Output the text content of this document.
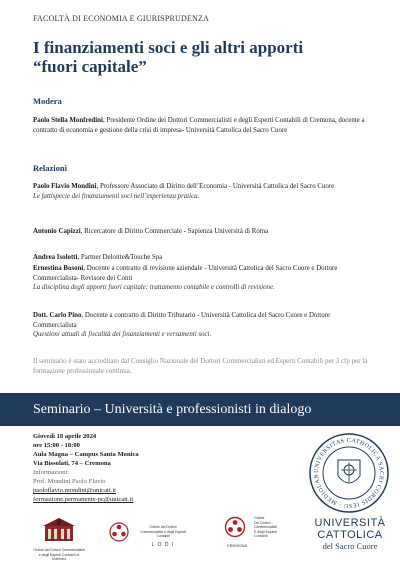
FACOLTÀ DI ECONOMIA E GIURISPRUDENZA
I finanziamenti soci e gli altri apporti
“fuori capitale”
Modera
Paolo Stella Monfredini, Presidente Ordine dei Dottori Commercialisti e degli Esperti Contabili di Cremona, docente a contratto di economia e gestione della crisi di impresa- Università Cattolica del Sacro Cuore
Relazioni
Paolo Flavio Mondini, Professore Associato di Diritto dell’Economia - Università Cattolica del Sacro Cuore
Le fattispecie dei finanziamenti soci nell’esperienza pratica.
Antonio Capizzi, Ricercatore di Diritto Commerciale - Sapienza Università di Roma
Andrea Isolotti, Partner Deloitte&Touche Spa
Ernestina Bosoni, Docente a contratto di revisione aziendale - Università Cattolica del Sacro Cuore e Dottore Commercialista- Revisore dei Conti
La disciplina degli apporti fuori capitale: trattamento contabile e controlli di revisione.
Dott. Carlo Pino, Docente a contratto di Diritto Tributario - Università Cattolica del Sacro Cuore e Dottore Commercialista
Questioni attuali di fiscalità dei finanziamenti e versamenti soci.
Il seminario è stato accreditato dal Consiglio Nazionale dei Dottori Commercialisti ed Esperti Contabili per 3 cfp per la formazione professionale continua.
Seminario – Università e professionisti in dialogo
Giovedì 18 aprile 2024
ore 15:00 - 18:00
Aula Magna – Campus Santa Monica
Via Bissolati, 74 – Cremona
Informazioni:
Prof. Mondini Paolo Flavio
paoloflavio.mondini@unicatt.it
formazione.permanente-pc@unicatt.it
Ordine dei Dottori Commercialisti e degli Esperti Contabili di Cremona
Ordine dei Dottori Commercialisti e degli Esperti Contabili
L O D I	CREMONA
Ordine
Dei Dottori
Commercialisti
E degli Esperti
Contabili
UNIVERSITAS CATHOLICA SACRI CORDIS IESU · MEDIOLAN
UNIVERSITÀ
CATTOLICA
del Sacro Cuore
